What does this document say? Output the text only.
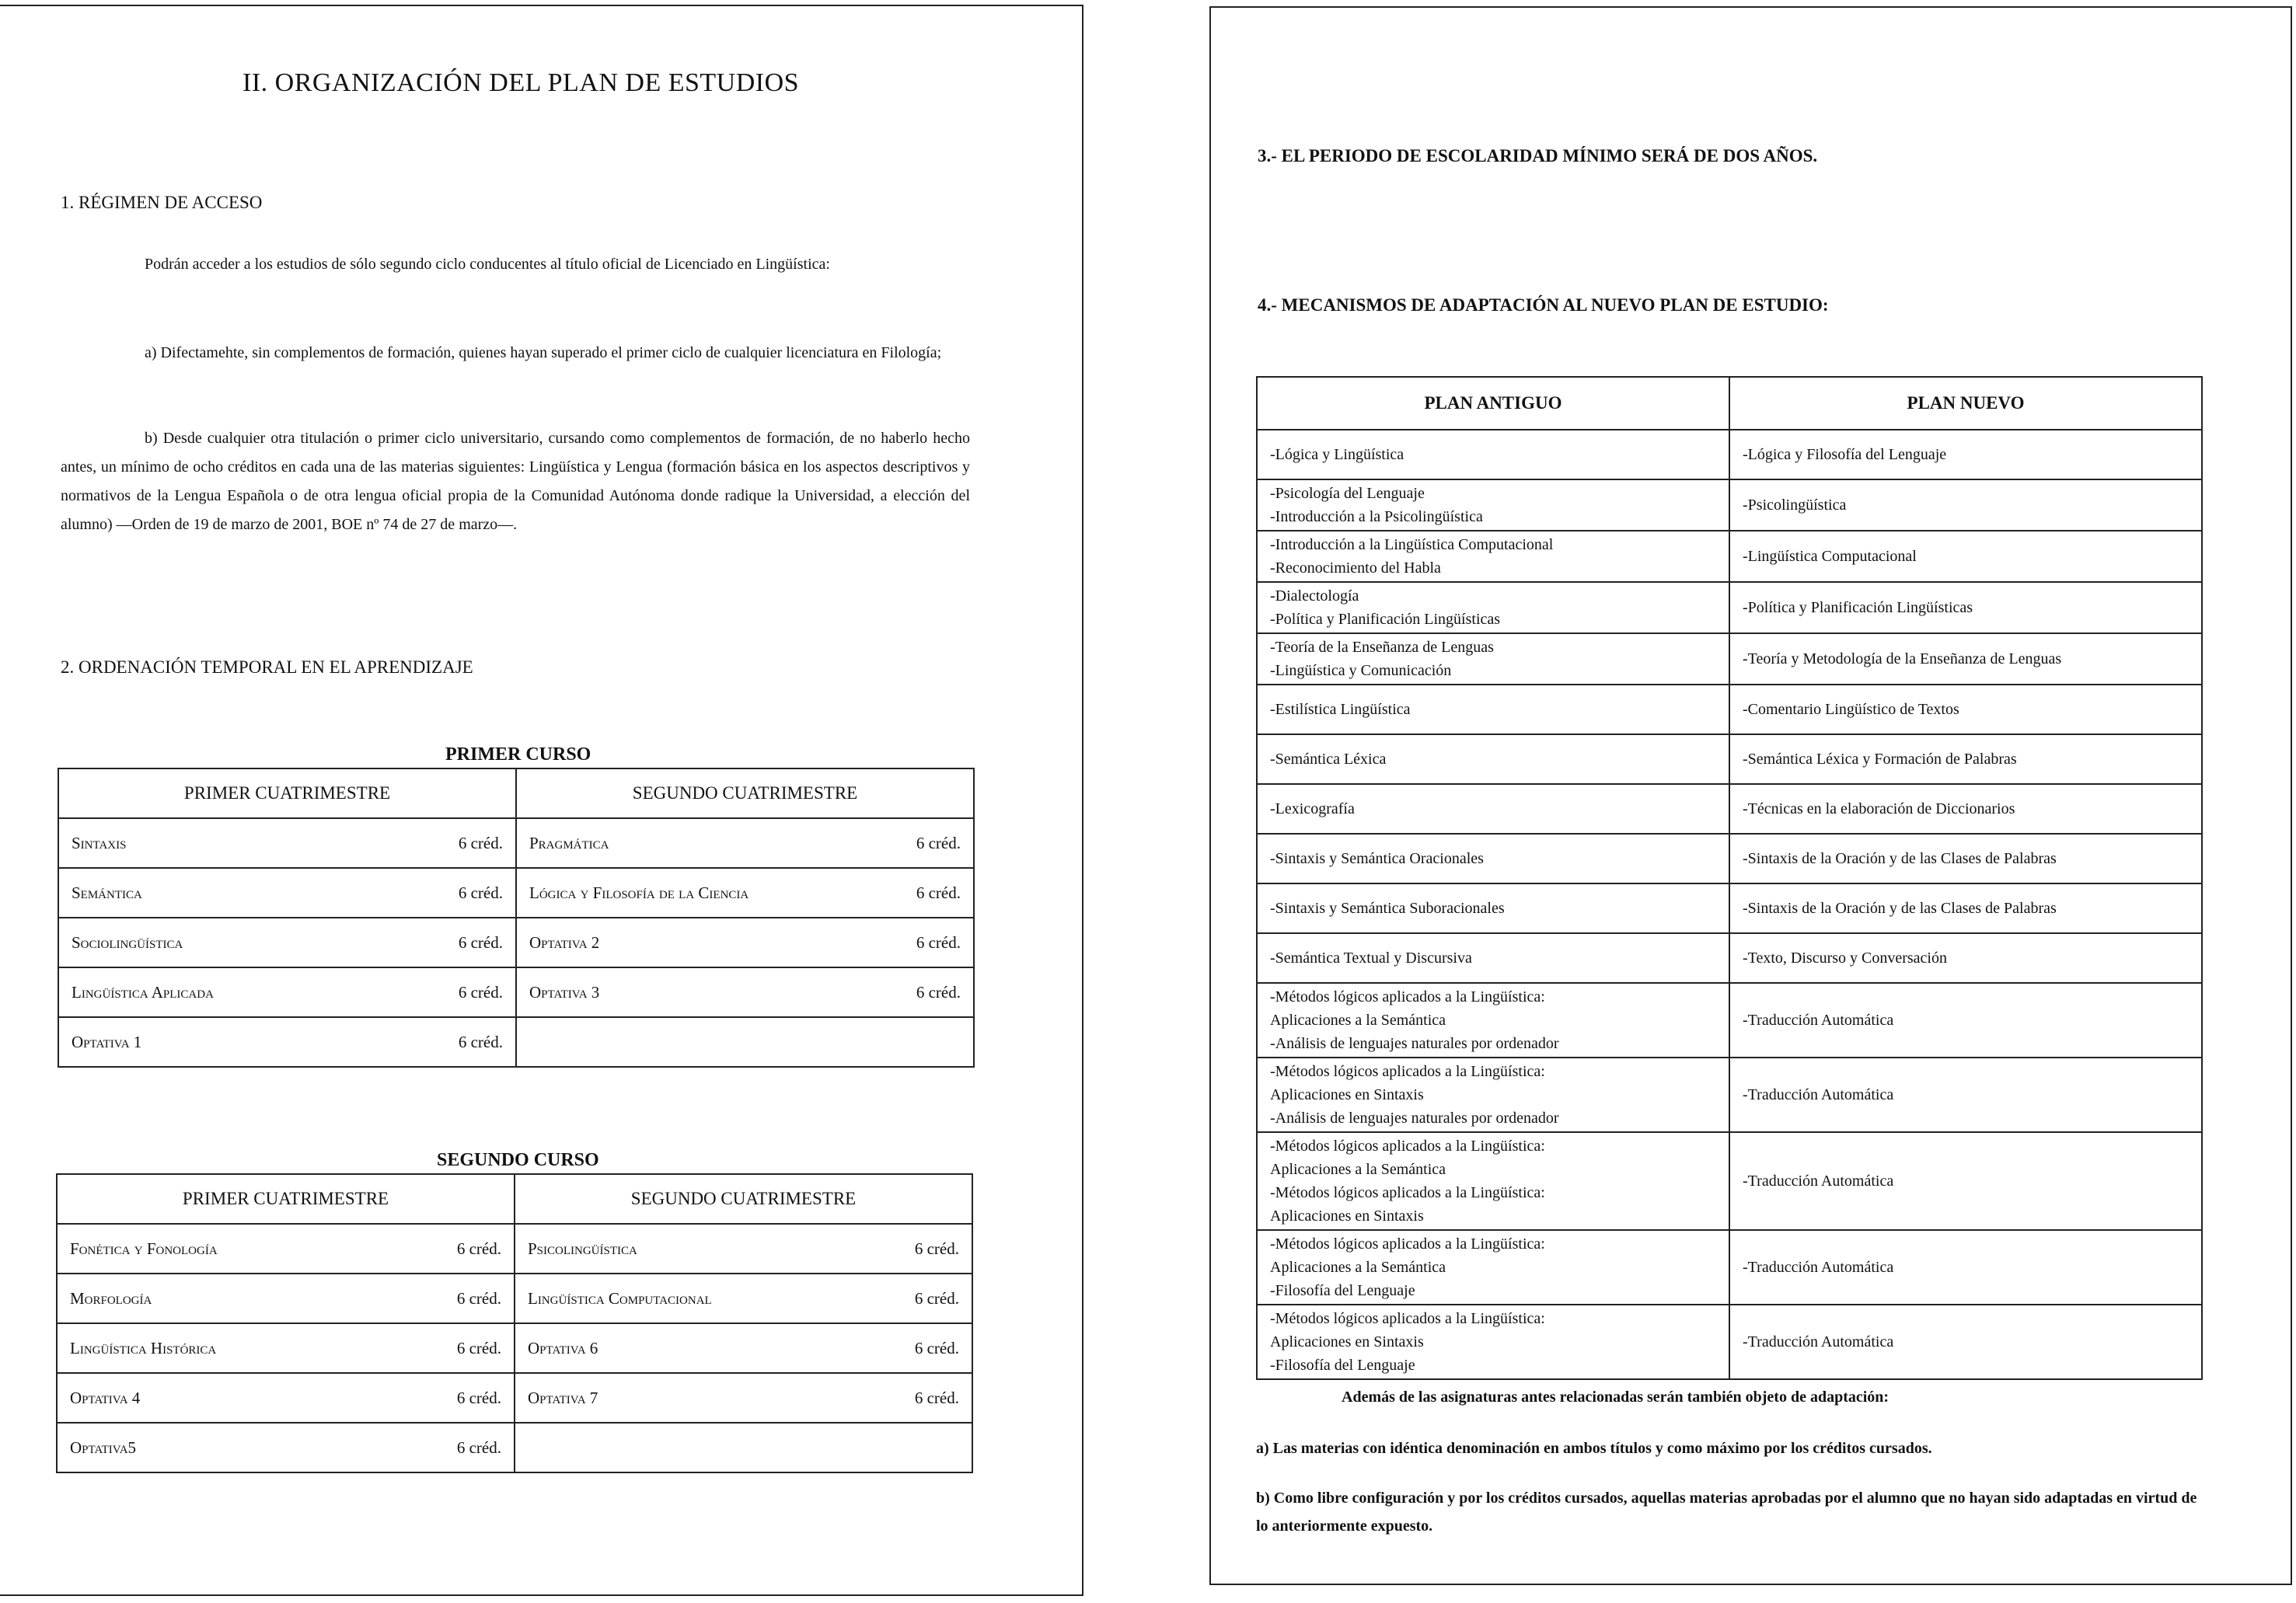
II. ORGANIZACIÓN DEL PLAN DE ESTUDIOS
1. RÉGIMEN DE ACCESO

Podrán acceder a los estudios de sólo segundo ciclo conducentes al título oficial de Licenciado en Lingüística:

a) Difectamehte, sin complementos de formación, quienes hayan superado el primer ciclo de cualquier licenciatura en Filología;

b) Desde cualquier otra titulación o primer ciclo universitario, cursando como complementos de formación, de no haberlo hecho antes, un mínimo de ocho créditos en cada una de las materias siguientes: Lingüística y Lengua (formación básica en los aspectos descriptivos y normativos de la Lengua Española o de otra lengua oficial propia de la Comunidad Autónoma donde radique la Universidad, a elección del alumno) —Orden de 19 de marzo de 2001, BOE nº 74 de 27 de marzo—.

2. ORDENACIÓN TEMPORAL EN EL APRENDIZAJE
PRIMER CURSO
PRIMER CUATRIMESTRE	SEGUNDO CUATRIMESTRE

Sintaxis 6 créd.	Pragmática 6 créd.

Semántica 6 créd.	Lógica y Filosofía de la Ciencia 6 créd.

Sociolingüística 6 créd.	Optativa 2 6 créd.

Lingüística Aplicada 6 créd.	Optativa 3 6 créd.

Optativa 1 6 créd.	

SEGUNDO CURSO
PRIMER CUATRIMESTRE	SEGUNDO CUATRIMESTRE

Fonética y Fonología 6 créd.	Psicolingüística 6 créd.

Morfología 6 créd.	Lingüística Computacional 6 créd.

Lingüística Histórica 6 créd.	Optativa 6 6 créd.

Optativa 4 6 créd.	Optativa 7 6 créd.

Optativa5 6 créd.	

3.- EL PERIODO DE ESCOLARIDAD MÍNIMO SERÁ DE DOS AÑOS.
4.- MECANISMOS DE ADAPTACIÓN AL NUEVO PLAN DE ESTUDIO:
PLAN ANTIGUO	PLAN NUEVO

-Lógica y Lingüística	-Lógica y Filosofía del Lenguaje

-Psicología del Lenguaje
-Introducción a la Psicolingüística	-Psicolingüística

-Introducción a la Lingüística Computacional
-Reconocimiento del Habla	-Lingüística Computacional

-Dialectología
-Política y Planificación Lingüísticas	-Política y Planificación Lingüísticas

-Teoría de la Enseñanza de Lenguas
-Lingüística y Comunicación	-Teoría y Metodología de la Enseñanza de Lenguas

-Estilística Lingüística	-Comentario Lingüístico de Textos

-Semántica Léxica	-Semántica Léxica y Formación de Palabras

-Lexicografía	-Técnicas en la elaboración de Diccionarios

-Sintaxis y Semántica Oracionales	-Sintaxis de la Oración y de las Clases de Palabras

-Sintaxis y Semántica Suboracionales	-Sintaxis de la Oración y de las Clases de Palabras

-Semántica Textual y Discursiva	-Texto, Discurso y Conversación

-Métodos lógicos aplicados a la Lingüística:
Aplicaciones a la Semántica
-Análisis de lenguajes naturales por ordenador	-Traducción Automática

-Métodos lógicos aplicados a la Lingüística:
Aplicaciones en Sintaxis
-Análisis de lenguajes naturales por ordenador	-Traducción Automática

-Métodos lógicos aplicados a la Lingüística:
Aplicaciones a la Semántica
-Métodos lógicos aplicados a la Lingüística:
Aplicaciones en Sintaxis	-Traducción Automática

-Métodos lógicos aplicados a la Lingüística:
Aplicaciones a la Semántica
-Filosofía del Lenguaje	-Traducción Automática

-Métodos lógicos aplicados a la Lingüística:
Aplicaciones en Sintaxis
-Filosofía del Lenguaje	-Traducción Automática

Además de las asignaturas antes relacionadas serán también objeto de adaptación:

a) Las materias con idéntica denominación en ambos títulos y como máximo por los créditos cursados.

b) Como libre configuración y por los créditos cursados, aquellas materias aprobadas por el alumno que no hayan sido adaptadas en virtud de lo anteriormente expuesto.
